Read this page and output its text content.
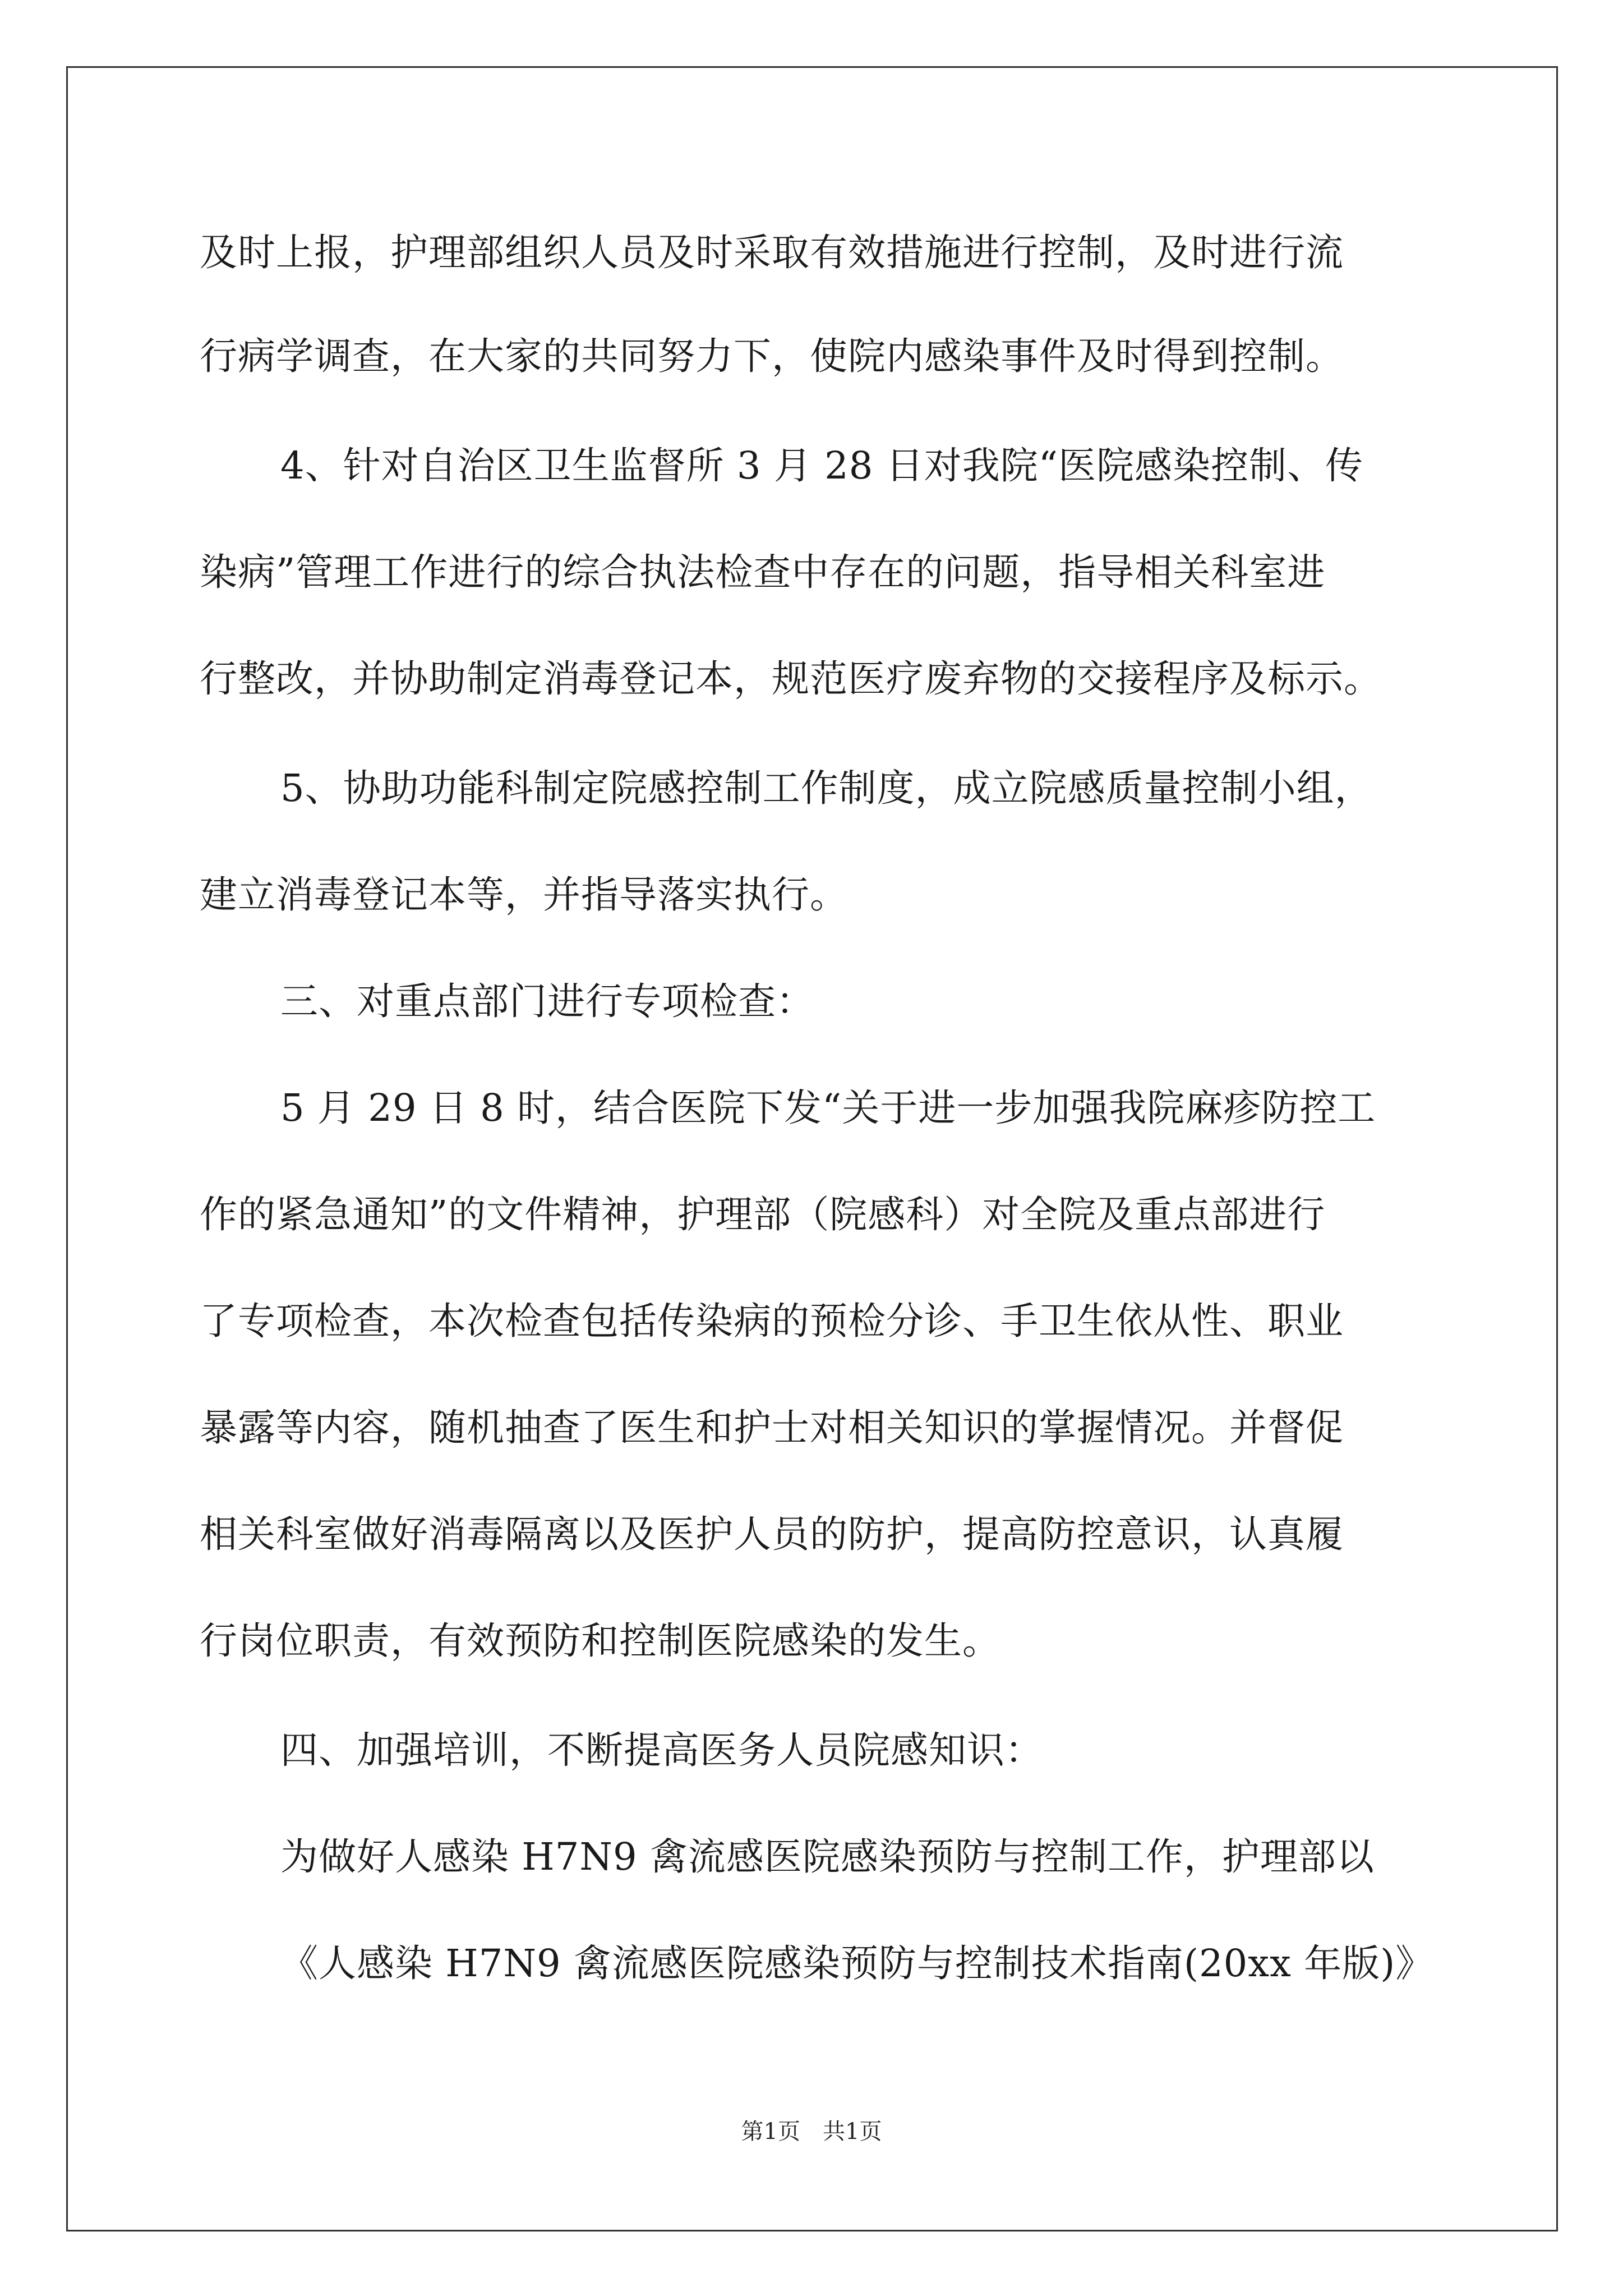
及时上报，护理部组织人员及时采取有效措施进行控制，及时进行流
行病学调查，在大家的共同努力下，使院内感染事件及时得到控制。
4、针对自治区卫生监督所 3 月 28 日对我院“医院感染控制、传
染病”管理工作进行的综合执法检查中存在的问题，指导相关科室进
行整改，并协助制定消毒登记本，规范医疗废弃物的交接程序及标示。
5、协助功能科制定院感控制工作制度，成立院感质量控制小组，
建立消毒登记本等，并指导落实执行。
三、对重点部门进行专项检查：
5 月 29 日 8 时，结合医院下发“关于进一步加强我院麻疹防控工
作的紧急通知”的文件精神，护理部（院感科）对全院及重点部进行
了专项检查，本次检查包括传染病的预检分诊、手卫生依从性、职业
暴露等内容，随机抽查了医生和护士对相关知识的掌握情况。并督促
相关科室做好消毒隔离以及医护人员的防护，提高防控意识，认真履
行岗位职责，有效预防和控制医院感染的发生。
四、加强培训，不断提高医务人员院感知识：
为做好人感染 H7N9 禽流感医院感染预防与控制工作，护理部以
《人感染 H7N9 禽流感医院感染预防与控制技术指南(20xx 年版)》
第1页　共1页
